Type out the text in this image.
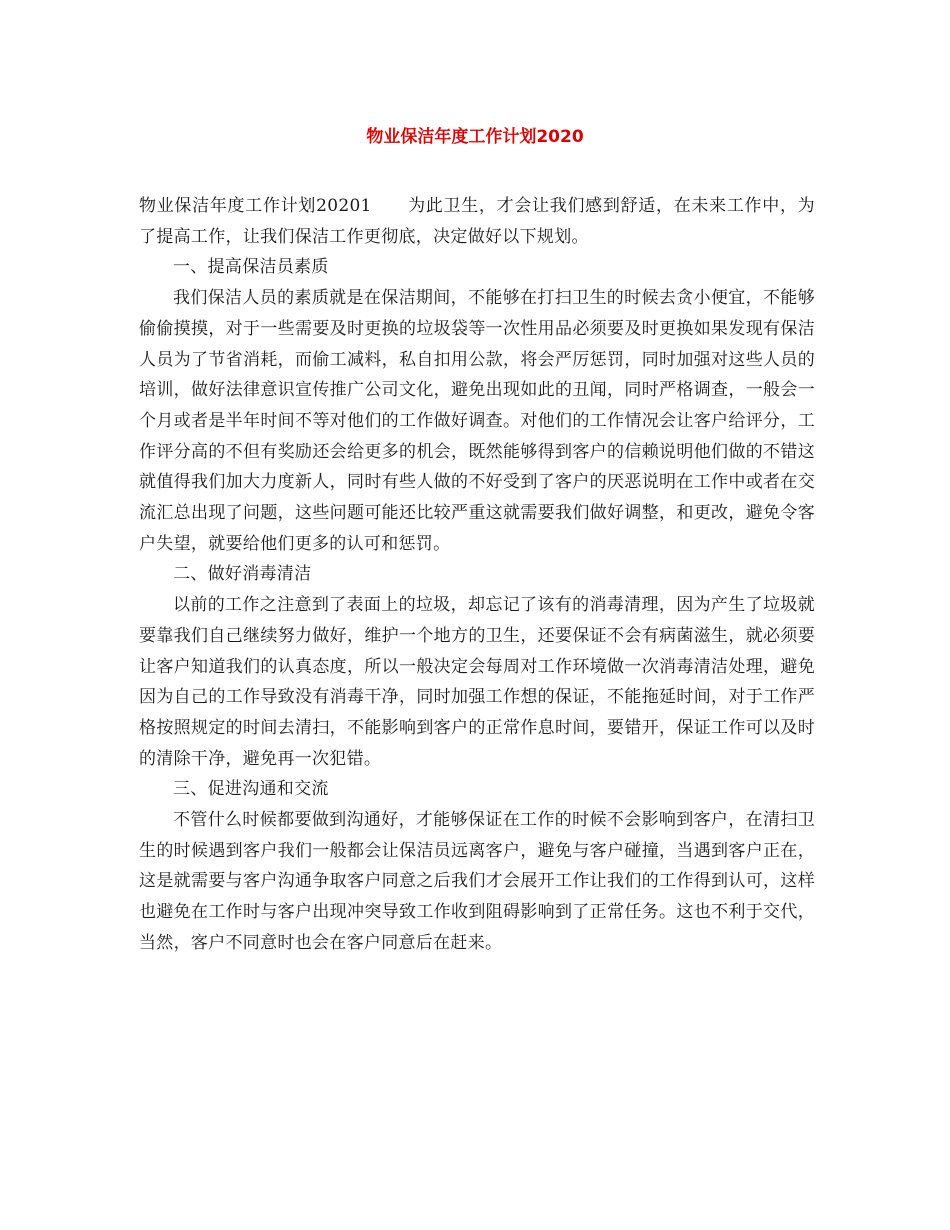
物业保洁年度工作计划2020

物业保洁年度工作计划20201 为此卫生，才会让我们感到舒适，在未来工作中，为了提高工作，让我们保洁工作更彻底，决定做好以下规划。

一、提高保洁员素质

我们保洁人员的素质就是在保洁期间，不能够在打扫卫生的时候去贪小便宜，不能够偷偷摸摸，对于一些需要及时更换的垃圾袋等一次性用品必须要及时更换如果发现有保洁人员为了节省消耗，而偷工减料，私自扣用公款，将会严厉惩罚，同时加强对这些人员的培训，做好法律意识宣传推广公司文化，避免出现如此的丑闻，同时严格调查，一般会一个月或者是半年时间不等对他们的工作做好调查。对他们的工作情况会让客户给评分，工作评分高的不但有奖励还会给更多的机会，既然能够得到客户的信赖说明他们做的不错这就值得我们加大力度新人，同时有些人做的不好受到了客户的厌恶说明在工作中或者在交流汇总出现了问题，这些问题可能还比较严重这就需要我们做好调整，和更改，避免令客户失望，就要给他们更多的认可和惩罚。

二、做好消毒清洁

以前的工作之注意到了表面上的垃圾，却忘记了该有的消毒清理，因为产生了垃圾就要靠我们自己继续努力做好，维护一个地方的卫生，还要保证不会有病菌滋生，就必须要让客户知道我们的认真态度，所以一般决定会每周对工作环境做一次消毒清洁处理，避免因为自己的工作导致没有消毒干净，同时加强工作想的保证，不能拖延时间，对于工作严格按照规定的时间去清扫，不能影响到客户的正常作息时间，要错开，保证工作可以及时的清除干净，避免再一次犯错。

三、促进沟通和交流

不管什么时候都要做到沟通好，才能够保证在工作的时候不会影响到客户，在清扫卫生的时候遇到客户我们一般都会让保洁员远离客户，避免与客户碰撞，当遇到客户正在，这是就需要与客户沟通争取客户同意之后我们才会展开工作让我们的工作得到认可，这样也避免在工作时与客户出现冲突导致工作收到阻碍影响到了正常任务。这也不利于交代，当然，客户不同意时也会在客户同意后在赶来。
